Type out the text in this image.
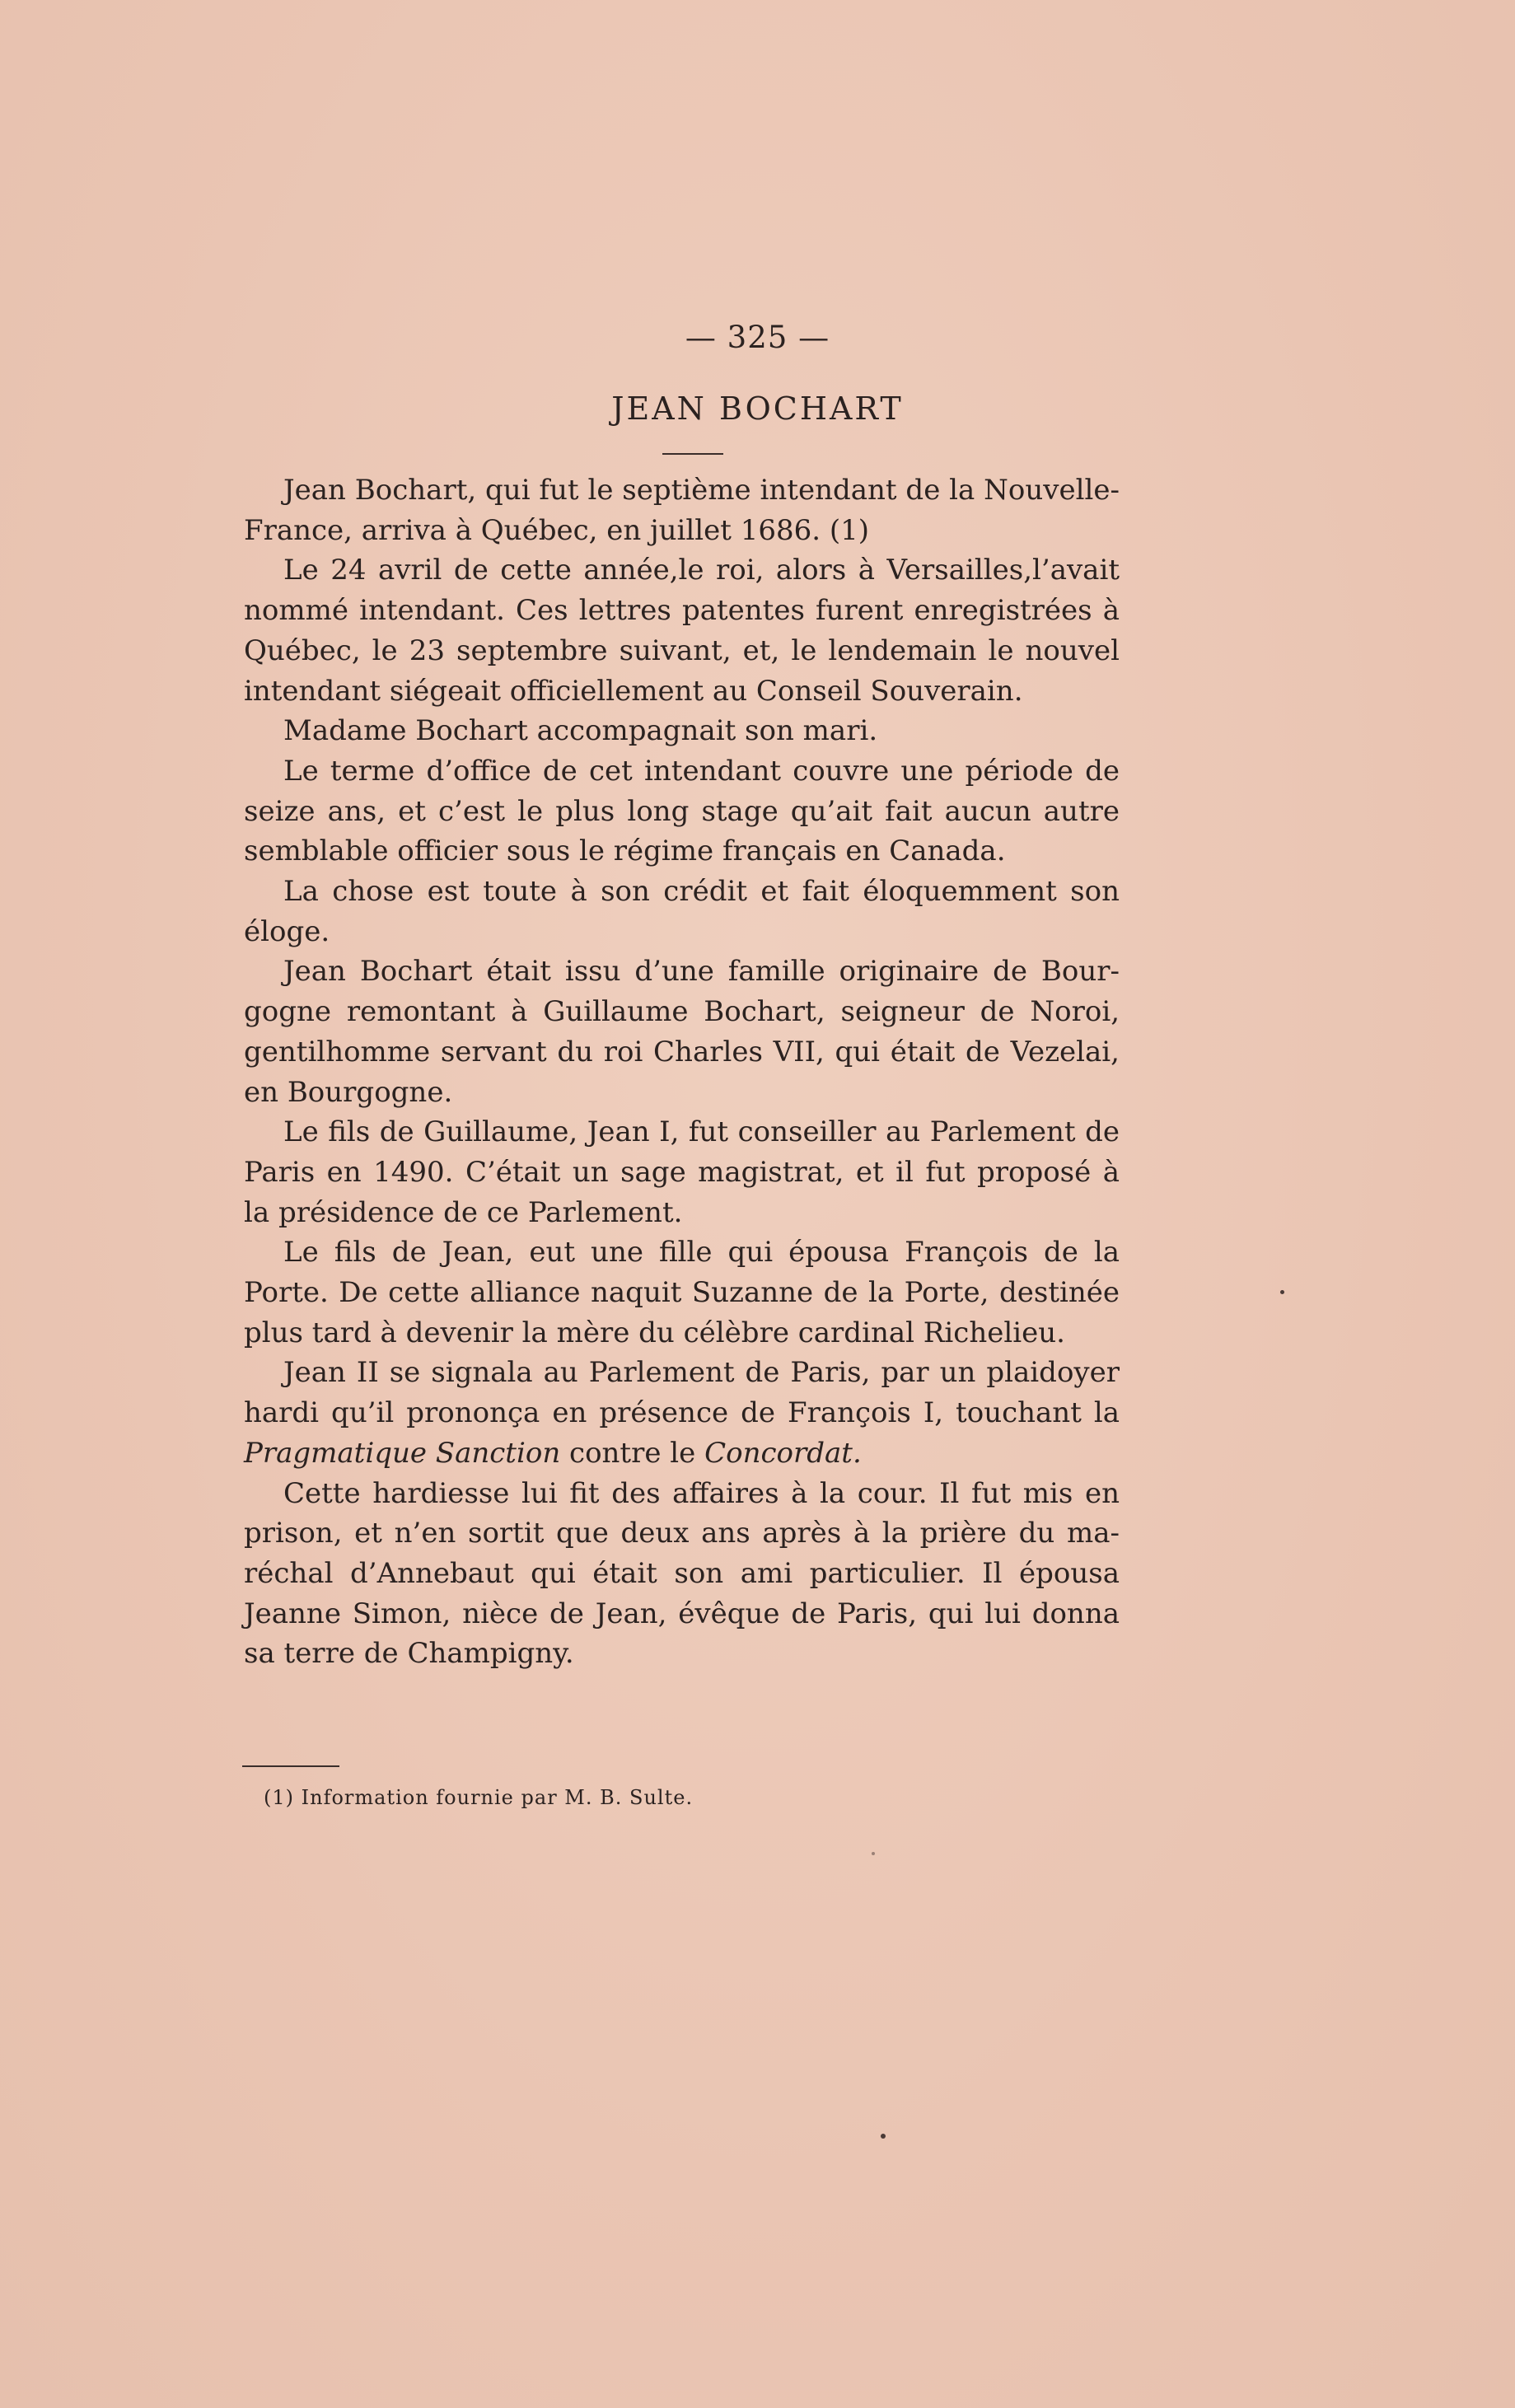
— 325 —
JEAN BOCHART

Jean Bochart, qui fut le septième intendant de la Nouvelle-France, arriva à Québec, en juillet 1686. (1)

Le 24 avril de cette année,le roi, alors à Versailles,l’avait nommé intendant. Ces lettres patentes furent enregistrées à Québec, le 23 septembre suivant, et, le lendemain le nouvel intendant siégeait officiellement au Conseil Souverain.

Madame Bochart accompagnait son mari.

Le terme d’office de cet intendant couvre une période de seize ans, et c’est le plus long stage qu’ait fait aucun autre semblable officier sous le régime français en Canada.

La chose est toute à son crédit et fait éloquemment son éloge.

Jean Bochart était issu d’une famille originaire de Bourgogne remontant à Guillaume Bochart, seigneur de Noroi, gentilhomme servant du roi Charles VII, qui était de Vezelai, en Bourgogne.

Le fils de Guillaume, Jean I, fut conseiller au Parlement de Paris en 1490. C’était un sage magistrat, et il fut proposé à la présidence de ce Parlement.

Le fils de Jean, eut une fille qui épousa François de la Porte. De cette alliance naquit Suzanne de la Porte, destinée plus tard à devenir la mère du célèbre cardinal Richelieu.

Jean II se signala au Parlement de Paris, par un plaidoyer hardi qu’il prononça en présence de François I, touchant la Pragmatique Sanction contre le Concordat.

Cette hardiesse lui fit des affaires à la cour. Il fut mis en prison, et n’en sortit que deux ans après à la prière du maréchal d’Annebaut qui était son ami particulier. Il épousa Jeanne Simon, nièce de Jean, évêque de Paris, qui lui donna sa terre de Champigny.

(1) Information fournie par M. B. Sulte.
